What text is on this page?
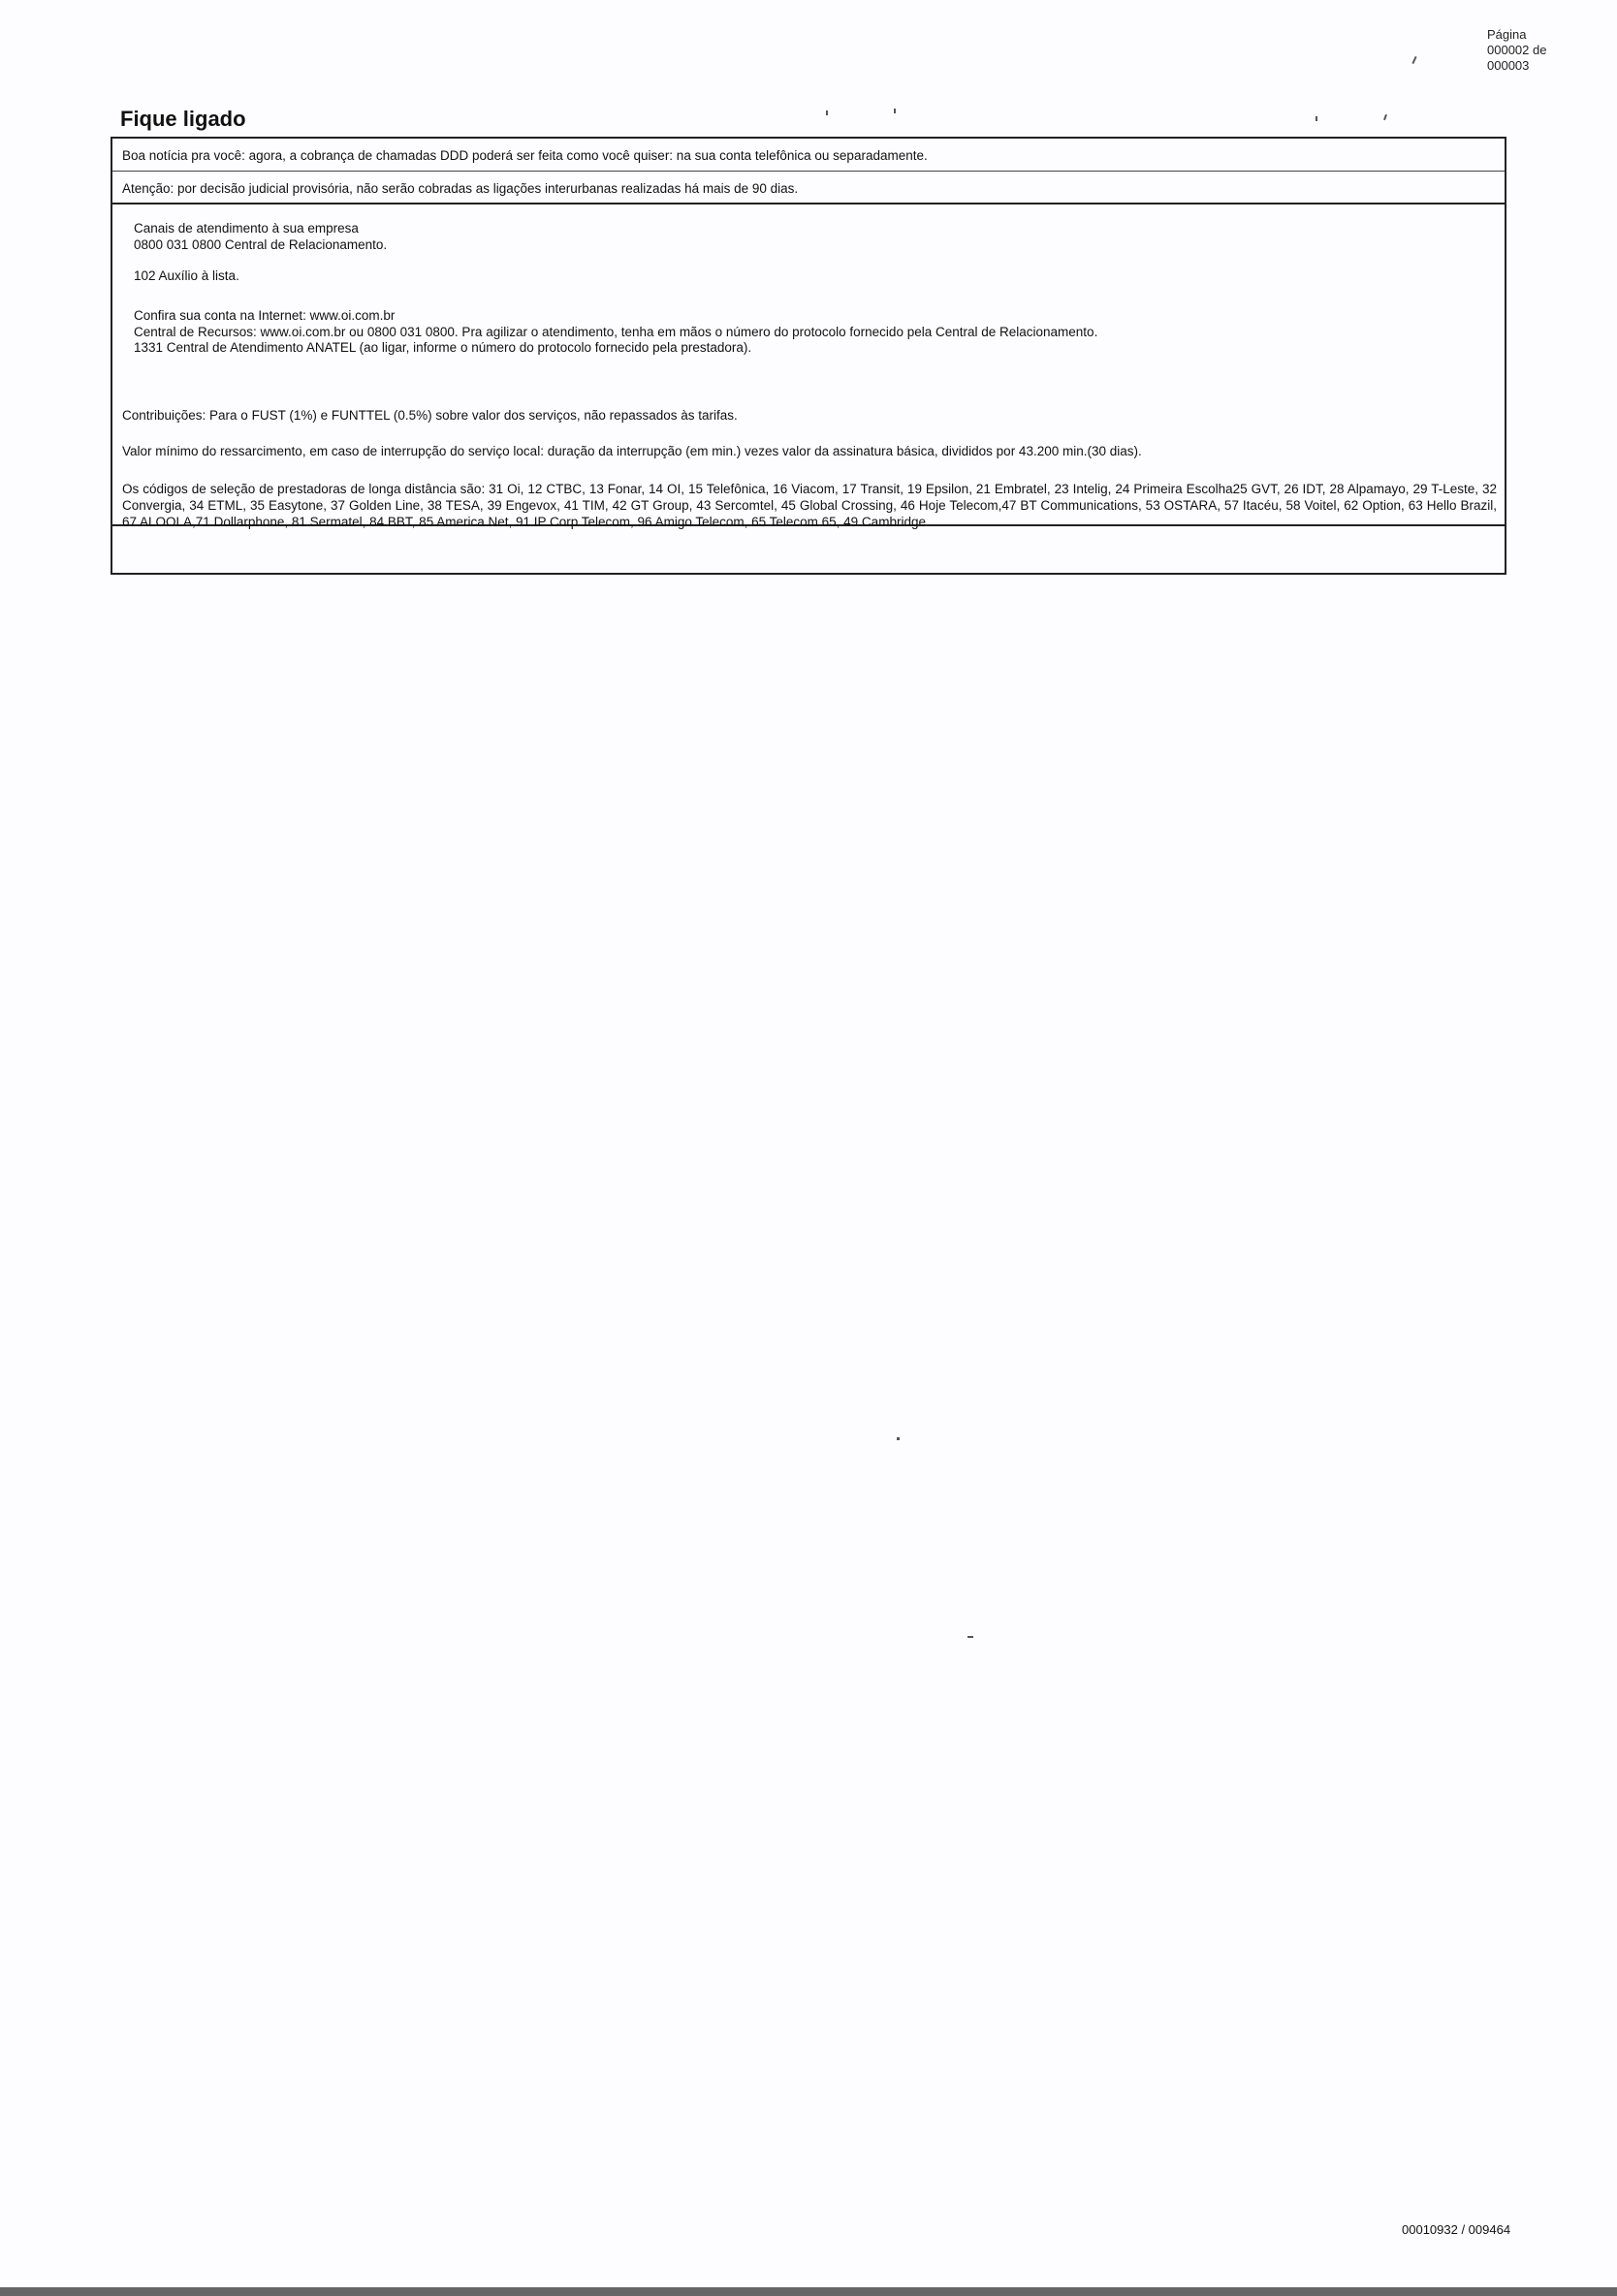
Página
000002 de
000003
Fique ligado
Boa notícia pra você: agora, a cobrança de chamadas DDD poderá ser feita como você quiser: na sua conta telefônica ou separadamente.
Atenção: por decisão judicial provisória, não serão cobradas as ligações interurbanas realizadas há mais de 90 dias.
Canais de atendimento à sua empresa
0800 031 0800 Central de Relacionamento.
102 Auxílio à lista.
Confira sua conta na Internet: www.oi.com.br
Central de Recursos: www.oi.com.br ou 0800 031 0800. Pra agilizar o atendimento, tenha em mãos o número do protocolo fornecido pela Central de Relacionamento.
1331 Central de Atendimento ANATEL (ao ligar, informe o número do protocolo fornecido pela prestadora).
Contribuições: Para o FUST (1%) e FUNTTEL (0.5%) sobre valor dos serviços, não repassados às tarifas.
Valor mínimo do ressarcimento, em caso de interrupção do serviço local: duração da interrupção (em min.) vezes valor da assinatura básica, divididos por 43.200 min.(30 dias).
Os códigos de seleção de prestadoras de longa distância são: 31 Oi, 12 CTBC, 13 Fonar, 14 OI, 15 Telefônica, 16 Viacom, 17 Transit, 19 Epsilon, 21 Embratel, 23 Intelig, 24 Primeira Escolha25 GVT, 26 IDT, 28 Alpamayo, 29 T-Leste, 32 Convergia, 34 ETML, 35 Easytone, 37 Golden Line, 38 TESA, 39 Engevox, 41 TIM, 42 GT Group, 43 Sercomtel, 45 Global Crossing, 46 Hoje Telecom,47 BT Communications, 53 OSTARA, 57 Itacéu, 58 Voitel, 62 Option, 63 Hello Brazil, 67 ALOOLA,71 Dollarphone, 81 Sermatel, 84 BBT, 85 America Net, 91 IP Corp Telecom, 96 Amigo Telecom, 65 Telecom 65, 49 Cambridge.
00010932 / 009464
